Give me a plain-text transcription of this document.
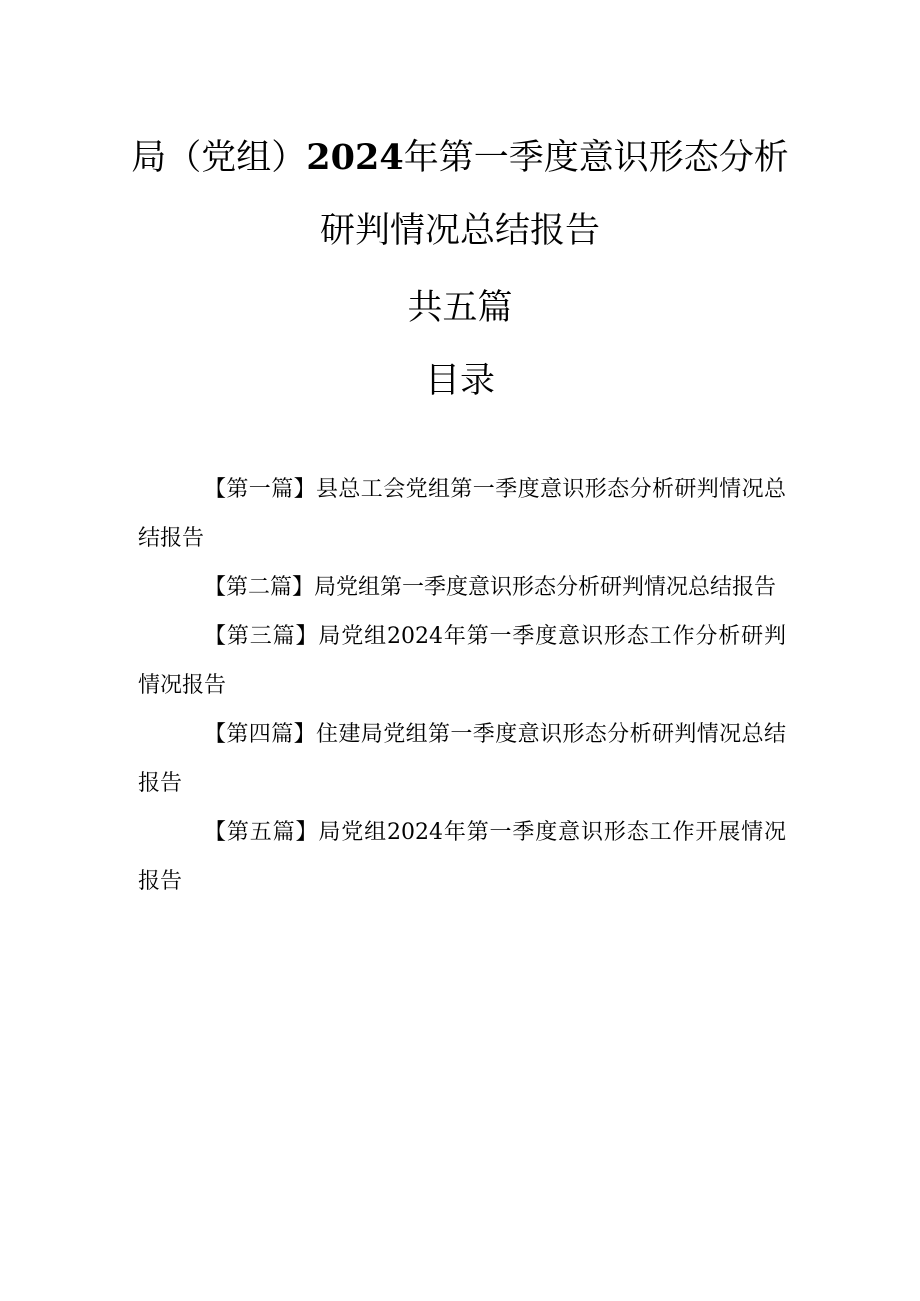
局（党组）2024年第一季度意识形态分析
研判情况总结报告
共五篇
目录

【第一篇】县总工会党组第一季度意识形态分析研判情况总结报告

【第二篇】局党组第一季度意识形态分析研判情况总结报告

【第三篇】局党组2024年第一季度意识形态工作分析研判情况报告

【第四篇】住建局党组第一季度意识形态分析研判情况总结报告

【第五篇】局党组2024年第一季度意识形态工作开展情况报告
